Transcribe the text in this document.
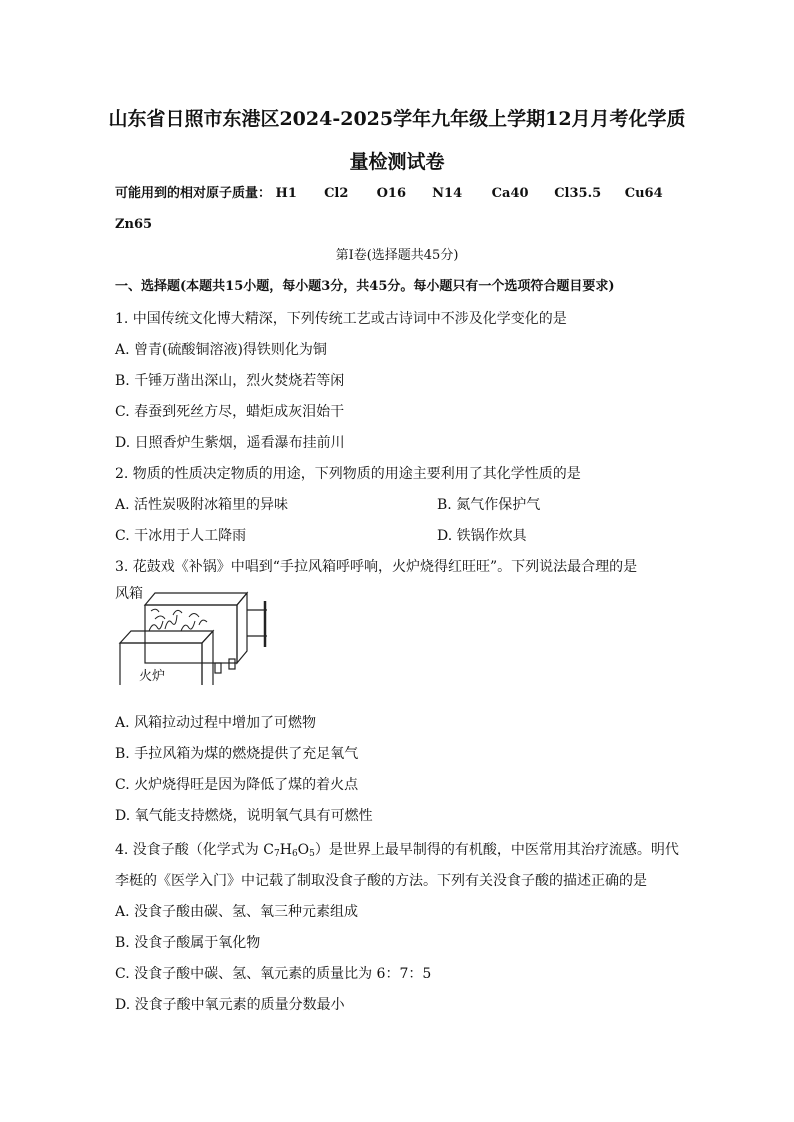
山东省日照市东港区2024-2025学年九年级上学期12月月考化学质
量检测试卷
可能用到的相对原子质量： H1 Cl2 O16 N14 Ca40 Cl35.5 Cu64
Zn65
第Ⅰ卷(选择题共45分)
一、选择题(本题共15小题，每小题3分，共45分。每小题只有一个选项符合题目要求)
1. 中国传统文化博大精深，下列传统工艺或古诗词中不涉及化学变化的是
A. 曾青(硫酸铜溶液)得铁则化为铜
B. 千锤万凿出深山，烈火焚烧若等闲
C. 春蚕到死丝方尽，蜡炬成灰泪始干
D. 日照香炉生紫烟，遥看瀑布挂前川
2. 物质的性质决定物质的用途，下列物质的用途主要利用了其化学性质的是
A. 活性炭吸附冰箱里的异味	B. 氮气作保护气
C. 干冰用于人工降雨	D. 铁锅作炊具
3. 花鼓戏《补锅》中唱到“手拉风箱呼呼响，火炉烧得红旺旺”。下列说法最合理的是
风箱
火炉
A. 风箱拉动过程中增加了可燃物
B. 手拉风箱为煤的燃烧提供了充足氧气
C. 火炉烧得旺是因为降低了煤的着火点
D. 氧气能支持燃烧，说明氧气具有可燃性
4. 没食子酸（化学式为 $C_7H_6O_5$）是世界上最早制得的有机酸，中医常用其治疗流感。明代
李梃的《医学入门》中记载了制取没食子酸的方法。下列有关没食子酸的描述正确的是
A. 没食子酸由碳、氢、氧三种元素组成
B. 没食子酸属于氧化物
C. 没食子酸中碳、氢、氧元素的质量比为 6：7：5
D. 没食子酸中氧元素的质量分数最小
